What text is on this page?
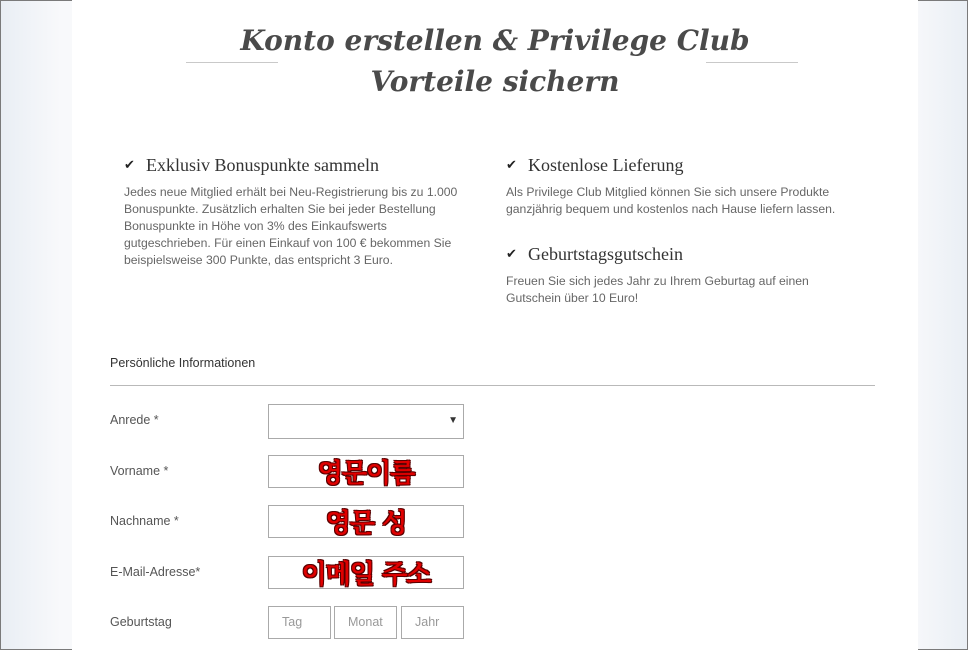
Konto erstellen & Privilege Club
Vorteile sichern
✔ Exklusiv Bonuspunkte sammeln
Jedes neue Mitglied erhält bei Neu-Registrierung bis zu 1.000
Bonuspunkte. Zusätzlich erhalten Sie bei jeder Bestellung
Bonuspunkte in Höhe von 3% des Einkaufswerts
gutgeschrieben. Für einen Einkauf von 100 € bekommen Sie
beispielsweise 300 Punkte, das entspricht 3 Euro.
✔ Kostenlose Lieferung
Als Privilege Club Mitglied können Sie sich unsere Produkte
ganzjährig bequem und kostenlos nach Hause liefern lassen.
✔ Geburtstagsgutschein
Freuen Sie sich jedes Jahr zu Ihrem Geburtag auf einen
Gutschein über 10 Euro!
Persönliche Informationen
Anrede *	▼
Vorname *	영문이름
Nachname *	영문 성
E-Mail-Adresse*	이메일 주소
Geburtstag	Tag	Monat	Jahr
